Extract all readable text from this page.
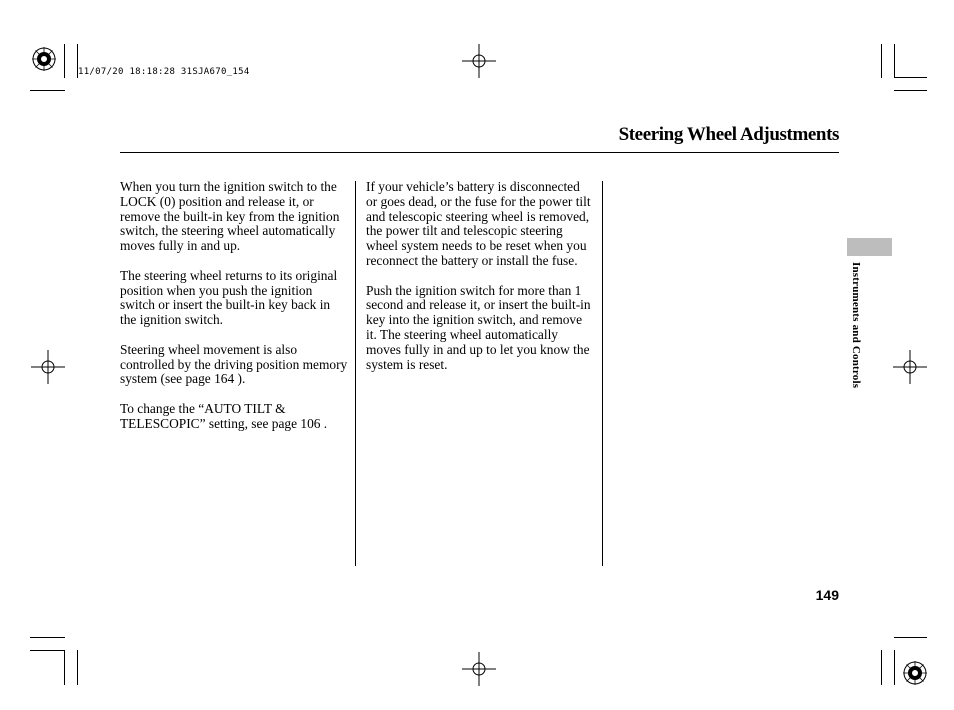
11/07/20 18:18:28 31SJA670_154
Steering Wheel Adjustments

When you turn the ignition switch to the LOCK (0) position and release it, or remove the built-in key from the ignition switch, the steering wheel automatically moves fully in and up.

The steering wheel returns to its original position when you push the ignition switch or insert the built-in key back in the ignition switch.

Steering wheel movement is also controlled by the driving position memory system (see page 164 ).

To change the “AUTO TILT & TELESCOPIC” setting, see page 106 .

If your vehicle’s battery is disconnected or goes dead, or the fuse for the power tilt and telescopic steering wheel is removed, the power tilt and telescopic steering wheel system needs to be reset when you reconnect the battery or install the fuse.

Push the ignition switch for more than 1 second and release it, or insert the built-in key into the ignition switch, and remove it. The steering wheel automatically moves fully in and up to let you know the system is reset.	Instruments and Controls
149
